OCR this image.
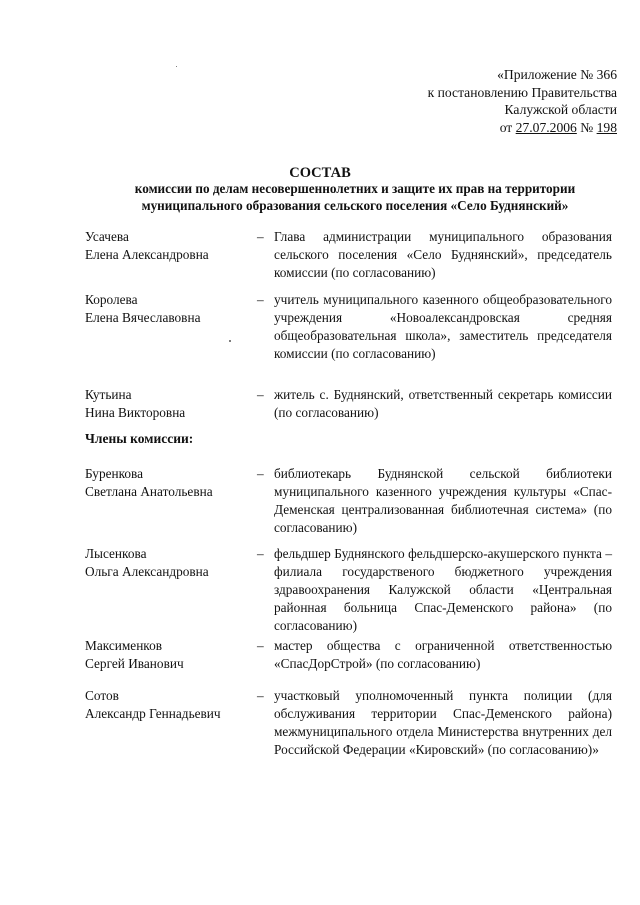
«Приложение № 366
к постановлению Правительства
Калужской области
от 27.07.2006 № 198
СОСТАВ
комиссии по делам несовершеннолетних и защите их прав на территории
муниципального образования сельского поселения «Село Буднянский»
Усачева
Елена Александровна
– Глава администрации муниципального образования сельского поселения «Село Буднянский», председатель комиссии (по согласованию)
Королева
Елена Вячеславовна
– учитель муниципального казенного общеобразовательного учреждения «Новоалександровская средняя общеобразовательная школа», заместитель председателя комиссии (по согласованию)
Кутьина
Нина Викторовна
– житель с. Буднянский, ответственный секретарь комиссии (по согласованию)
Члены комиссии:
Буренкова
Светлана Анатольевна
– библиотекарь Буднянской сельской библиотеки муниципального казенного учреждения культуры «Спас-Деменская централизованная библиотечная система» (по согласованию)
Лысенкова
Ольга Александровна
– фельдшер Буднянского фельдшерско-акушерского пункта – филиала государственого бюджетного учреждения здравоохранения Калужской области «Центральная районная больница Спас-Деменского района» (по согласованию)
Максименков
Сергей Иванович
– мастер общества с ограниченной ответственностью «СпасДорСтрой» (по согласованию)
Сотов
Александр Геннадьевич
– участковый уполномоченный пункта полиции (для обслуживания территории Спас-Деменского района) межмуниципального отдела Министерства внутренних дел Российской Федерации «Кировский» (по согласованию)»
